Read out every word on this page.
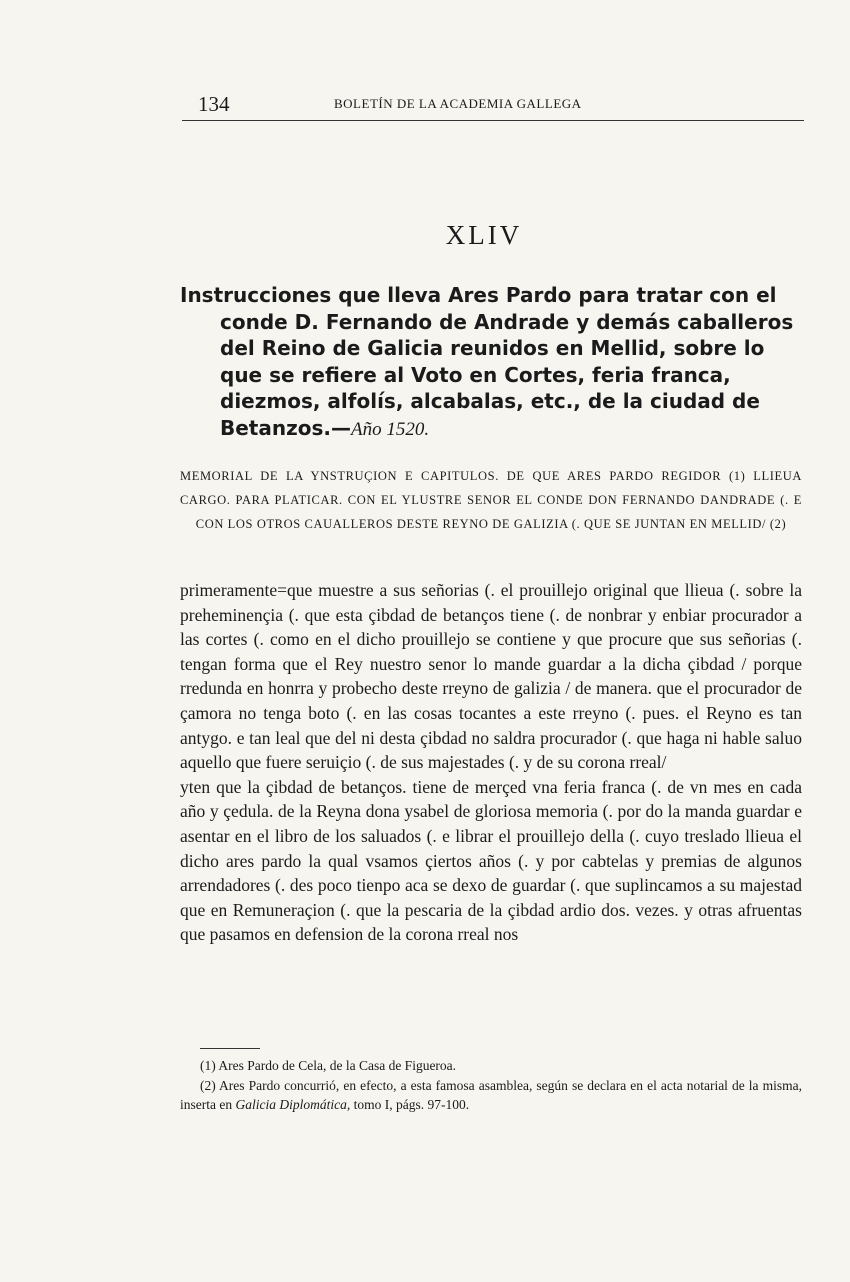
134	BOLETÍN DE LA ACADEMIA GALLEGA
XLIV
Instrucciones que lleva Ares Pardo para tratar con el conde D. Fernando de Andrade y demás caballeros del Reino de Galicia reunidos en Mellid, sobre lo que se refiere al Voto en Cortes, feria franca, diezmos, alfolís, alcabalas, etc., de la ciudad de Betanzos.—Año 1520.
MEMORIAL DE LA YNSTRUÇION E CAPITULOS. DE QUE ARES PARDO REGIDOR (1) LLIEUA CARGO. PARA PLATICAR. CON EL YLUSTRE SENOR EL CONDE DON FERNANDO DANDRADE (. E CON LOS OTROS CAUALLEROS DESTE REYNO DE GALIZIA (. QUE SE JUNTAN EN MELLID/ (2)

primeramente=que muestre a sus señorias (. el prouillejo original que llieua (. sobre la preheminençia (. que esta çibdad de betanços tiene (. de nonbrar y enbiar procurador a las cortes (. como en el dicho prouillejo se contiene y que procure que sus señorias (. tengan forma que el Rey nuestro senor lo mande guardar a la dicha çibdad / porque rredunda en honrra y probecho deste rreyno de galizia / de manera. que el procurador de çamora no tenga boto (. en las cosas tocantes a este rreyno (. pues. el Reyno es tan antygo. e tan leal que del ni desta çibdad no saldra procurador (. que haga ni hable saluo aquello que fuere seruiçio (. de sus majestades (. y de su corona rreal/

yten que la çibdad de betanços. tiene de merçed vna feria franca (. de vn mes en cada año y çedula. de la Reyna dona ysabel de gloriosa memoria (. por do la manda guardar e asentar en el libro de los saluados (. e librar el prouillejo della (. cuyo treslado llieua el dicho ares pardo la qual vsamos çiertos años (. y por cabtelas y premias de algunos arrendadores (. des poco tienpo aca se dexo de guardar (. que suplincamos a su majestad que en Remuneraçion (. que la pescaria de la çibdad ardio dos. vezes. y otras afruentas que pasamos en defension de la corona rreal nos

(1) Ares Pardo de Cela, de la Casa de Figueroa.

(2) Ares Pardo concurrió, en efecto, a esta famosa asamblea, según se declara en el acta notarial de la misma, inserta en Galicia Diplomática, tomo I, págs. 97-100.
